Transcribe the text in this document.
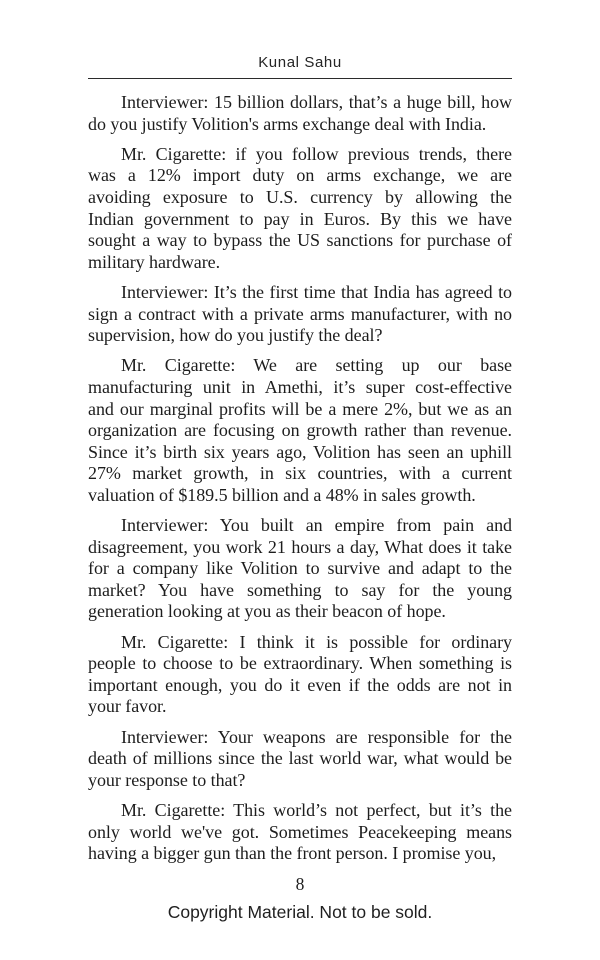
Kunal Sahu
Interviewer: 15 billion dollars, that’s a huge bill, how
do you justify Volition's arms exchange deal with India.
Mr. Cigarette: if you follow previous trends, there
was a 12% import duty on arms exchange, we are
avoiding exposure to U.S. currency by allowing the
Indian government to pay in Euros. By this we have
sought a way to bypass the US sanctions for purchase of
military hardware.
Interviewer: It’s the first time that India has agreed to
sign a contract with a private arms manufacturer, with no
supervision, how do you justify the deal?
Mr. Cigarette: We are setting up our base
manufacturing unit in Amethi, it’s super cost-effective
and our marginal profits will be a mere 2%, but we as an
organization are focusing on growth rather than revenue.
Since it’s birth six years ago, Volition has seen an uphill
27% market growth, in six countries, with a current
valuation of $189.5 billion and a 48% in sales growth.
Interviewer: You built an empire from pain and
disagreement, you work 21 hours a day, What does it take
for a company like Volition to survive and adapt to the
market? You have something to say for the young
generation looking at you as their beacon of hope.
Mr. Cigarette: I think it is possible for ordinary
people to choose to be extraordinary. When something is
important enough, you do it even if the odds are not in
your favor.
Interviewer: Your weapons are responsible for the
death of millions since the last world war, what would be
your response to that?
Mr. Cigarette: This world’s not perfect, but it’s the
only world we've got. Sometimes Peacekeeping means
having a bigger gun than the front person. I promise you,
8
Copyright Material. Not to be sold.
